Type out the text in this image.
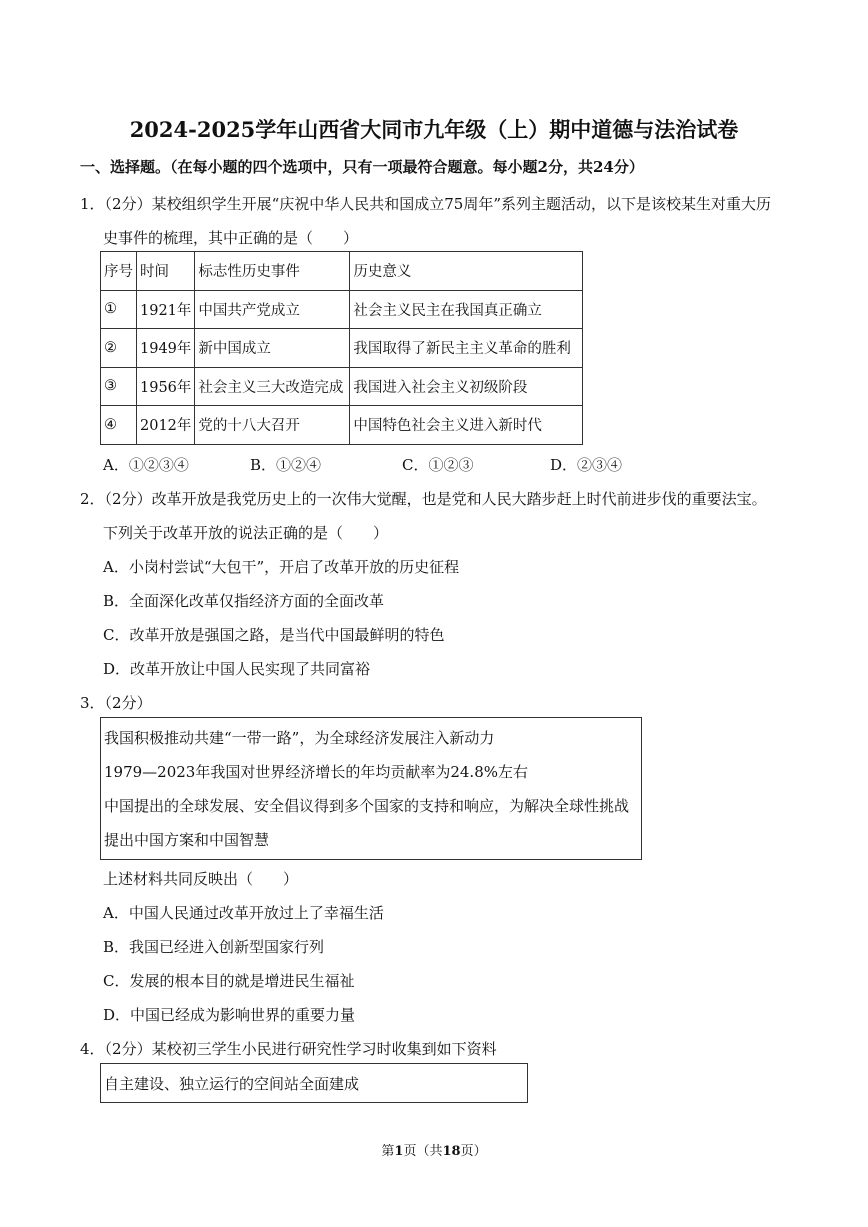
2024-2025学年山西省大同市九年级（上）期中道德与法治试卷
一、选择题。（在每小题的四个选项中，只有一项最符合题意。每小题2分，共24分）
1．（2分）某校组织学生开展“庆祝中华人民共和国成立75周年”系列主题活动，以下是该校某生对重大历
史事件的梳理，其中正确的是（　　）
序号	时间	标志性历史事件	历史意义
①	1921年	中国共产党成立	社会主义民主在我国真正确立
②	1949年	新中国成立	我国取得了新民主主义革命的胜利
③	1956年	社会主义三大改造完成	我国进入社会主义初级阶段
④	2012年	党的十八大召开	中国特色社会主义进入新时代
A．①②③④	B．①②④	C．①②③	D．②③④
2．（2分）改革开放是我党历史上的一次伟大觉醒，也是党和人民大踏步赶上时代前进步伐的重要法宝。
下列关于改革开放的说法正确的是（　　）
A．小岗村尝试“大包干”，开启了改革开放的历史征程
B．全面深化改革仅指经济方面的全面改革
C．改革开放是强国之路，是当代中国最鲜明的特色
D．改革开放让中国人民实现了共同富裕
3．（2分）
我国积极推动共建“一带一路”，为全球经济发展注入新动力
1979—2023年我国对世界经济增长的年均贡献率为24.8%左右
中国提出的全球发展、安全倡议得到多个国家的支持和响应，为解决全球性挑战
提出中国方案和中国智慧
上述材料共同反映出（　　）
A．中国人民通过改革开放过上了幸福生活
B．我国已经进入创新型国家行列
C．发展的根本目的就是增进民生福祉
D．中国已经成为影响世界的重要力量
4．（2分）某校初三学生小民进行研究性学习时收集到如下资料
自主建设、独立运行的空间站全面建成
第1页（共18页）
